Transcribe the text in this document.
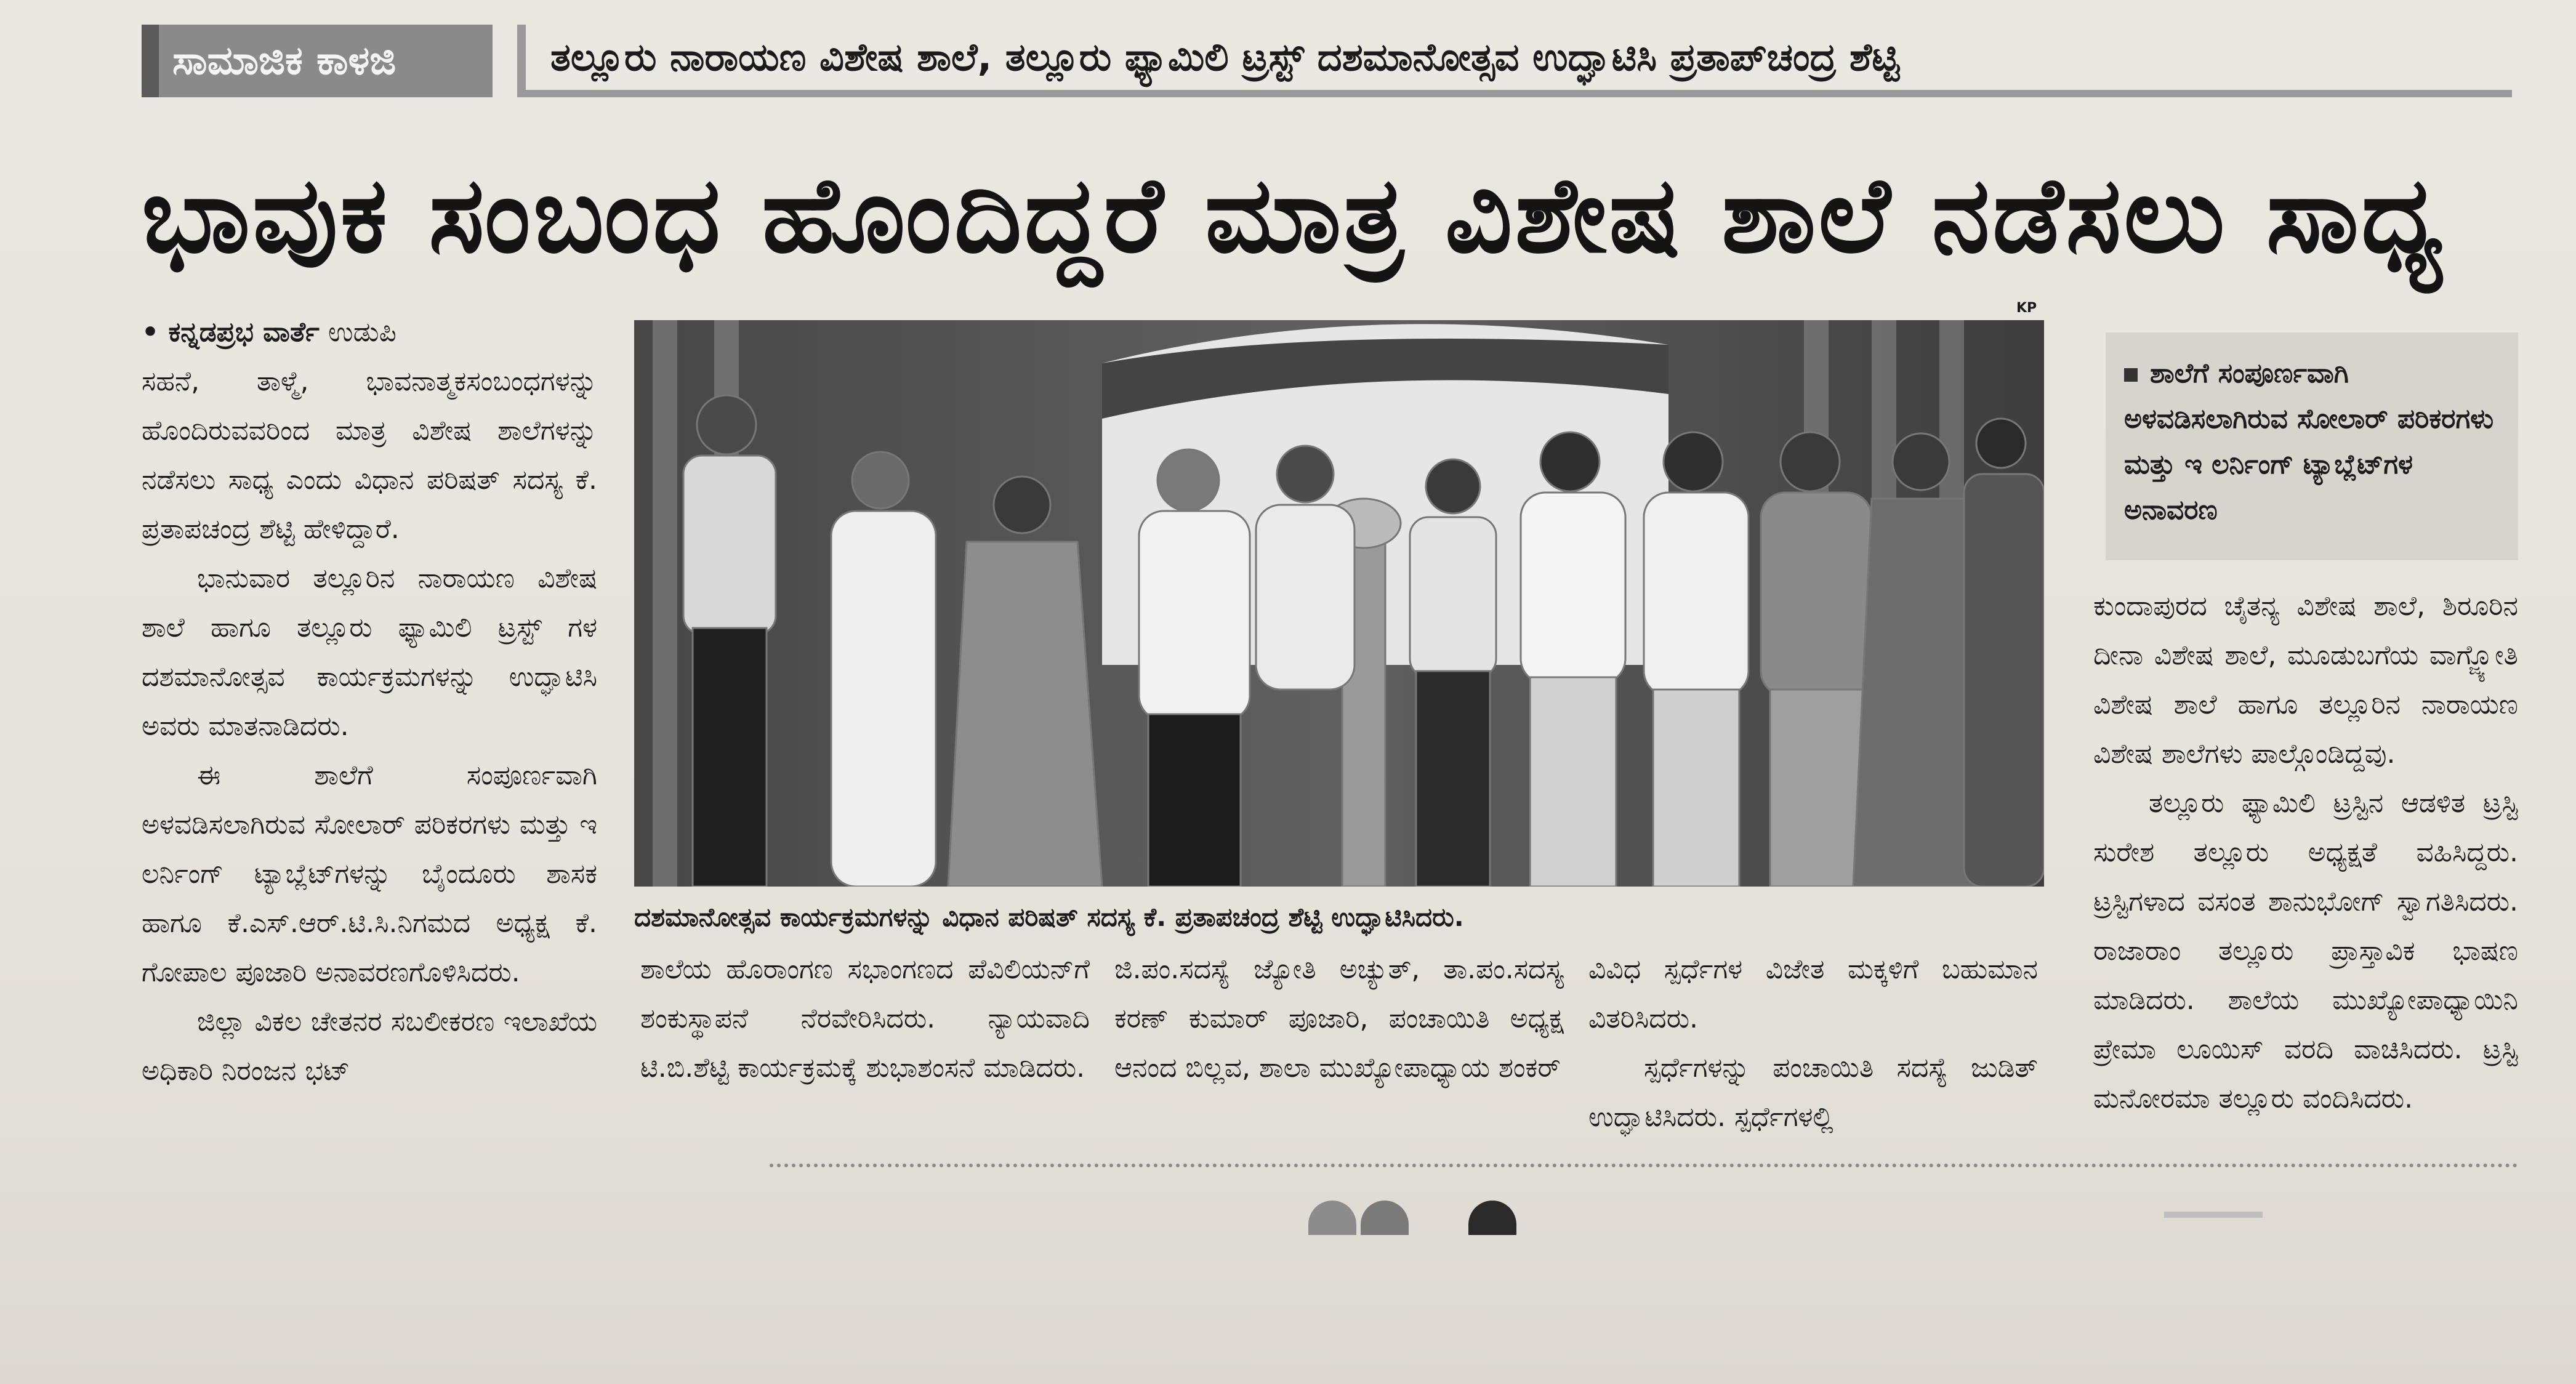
ಸಾಮಾಜಿಕ ಕಾಳಜಿ	ತಲ್ಲೂರು ನಾರಾಯಣ ವಿಶೇಷ ಶಾಲೆ, ತಲ್ಲೂರು ಫ್ಯಾಮಿಲಿ ಟ್ರಸ್ಟ್ ದಶಮಾನೋತ್ಸವ ಉದ್ಘಾಟಿಸಿ ಪ್ರತಾಪ್‌ಚಂದ್ರ ಶೆಟ್ಟಿ
ಭಾವುಕ ಸಂಬಂಧ ಹೊಂದಿದ್ದರೆ ಮಾತ್ರ ವಿಶೇಷ ಶಾಲೆ ನಡೆಸಲು ಸಾಧ್ಯ

• ಕನ್ನಡಪ್ರಭ ವಾರ್ತೆ ಉಡುಪಿ

ಸಹನೆ, ತಾಳ್ಮೆ, ಭಾವನಾತ್ಮಕಸಂಬಂಧಗಳನ್ನು ಹೊಂದಿರುವವರಿಂದ ಮಾತ್ರ ವಿಶೇಷ ಶಾಲೆಗಳನ್ನು ನಡೆಸಲು ಸಾಧ್ಯ ಎಂದು ವಿಧಾನ ಪರಿಷತ್ ಸದಸ್ಯ ಕೆ. ಪ್ರತಾಪಚಂದ್ರ ಶೆಟ್ಟಿ ಹೇಳಿದ್ದಾರೆ.

ಭಾನುವಾರ ತಲ್ಲೂರಿನ ನಾರಾಯಣ ವಿಶೇಷ ಶಾಲೆ ಹಾಗೂ ತಲ್ಲೂರು ಫ್ಯಾಮಿಲಿ ಟ್ರಸ್ಟ್ ಗಳ ದಶಮಾನೋತ್ಸವ ಕಾರ್ಯಕ್ರಮಗಳನ್ನು ಉದ್ಘಾಟಿಸಿ ಅವರು ಮಾತನಾಡಿದರು.

ಈ ಶಾಲೆಗೆ ಸಂಪೂರ್ಣವಾಗಿ ಅಳವಡಿಸಲಾಗಿರುವ ಸೋಲಾರ್ ಪರಿಕರಗಳು ಮತ್ತು ಇ ಲರ್ನಿಂಗ್ ಟ್ಯಾಬ್ಲೆಟ್‌ಗಳನ್ನು ಬೈಂದೂರು ಶಾಸಕ ಹಾಗೂ ಕೆ.ಎಸ್.ಆರ್.ಟಿ.ಸಿ.ನಿಗಮದ ಅಧ್ಯಕ್ಷ ಕೆ. ಗೋಪಾಲ ಪೂಜಾರಿ ಅನಾವರಣಗೊಳಿಸಿದರು.

ಜಿಲ್ಲಾ ವಿಕಲ ಚೇತನರ ಸಬಲೀಕರಣ ಇಲಾಖೆಯ ಅಧಿಕಾರಿ ನಿರಂಜನ ಭಟ್

KP
ದಶಮಾನೋತ್ಸವ ಕಾರ್ಯಕ್ರಮಗಳನ್ನು ವಿಧಾನ ಪರಿಷತ್ ಸದಸ್ಯ ಕೆ. ಪ್ರತಾಪಚಂದ್ರ ಶೆಟ್ಟಿ ಉದ್ಘಾಟಿಸಿದರು.

ಶಾಲೆಯ ಹೊರಾಂಗಣ ಸಭಾಂಗಣದ ಪೆವಿಲಿಯನ್‌ಗೆ ಶಂಕುಸ್ಥಾಪನೆ ನೆರವೇರಿಸಿದರು. ನ್ಯಾಯವಾದಿ ಟಿ.ಬಿ.ಶೆಟ್ಟಿ ಕಾರ್ಯಕ್ರಮಕ್ಕೆ ಶುಭಾಶಂಸನೆ ಮಾಡಿದರು.

ಜಿ.ಪಂ.ಸದಸ್ಯೆ ಜ್ಯೋತಿ ಅಚ್ಯುತ್, ತಾ.ಪಂ.ಸದಸ್ಯ ಕರಣ್ ಕುಮಾರ್ ಪೂಜಾರಿ, ಪಂಚಾಯಿತಿ ಅಧ್ಯಕ್ಷ ಆನಂದ ಬಿಲ್ಲವ, ಶಾಲಾ ಮುಖ್ಯೋಪಾಧ್ಯಾಯ ಶಂಕರ್

ವಿವಿಧ ಸ್ಪರ್ಧೆಗಳ ವಿಜೇತ ಮಕ್ಕಳಿಗೆ ಬಹುಮಾನ ವಿತರಿಸಿದರು.

ಸ್ಪರ್ಧೆಗಳನ್ನು ಪಂಚಾಯಿತಿ ಸದಸ್ಯೆ ಜುಡಿತ್ ಉದ್ಘಾಟಿಸಿದರು. ಸ್ಪರ್ಧೆಗಳಲ್ಲಿ

ಶಾಲೆಗೆ ಸಂಪೂರ್ಣವಾಗಿ ಅಳವಡಿಸಲಾಗಿರುವ ಸೋಲಾರ್ ಪರಿಕರಗಳು ಮತ್ತು ಇ ಲರ್ನಿಂಗ್ ಟ್ಯಾಬ್ಲೆಟ್‌ಗಳ ಅನಾವರಣ

ಕುಂದಾಪುರದ ಚೈತನ್ಯ ವಿಶೇಷ ಶಾಲೆ, ಶಿರೂರಿನ ದೀನಾ ವಿಶೇಷ ಶಾಲೆ, ಮೂಡುಬಗೆಯ ವಾಗ್ಜ್ಯೋತಿ ವಿಶೇಷ ಶಾಲೆ ಹಾಗೂ ತಲ್ಲೂರಿನ ನಾರಾಯಣ ವಿಶೇಷ ಶಾಲೆಗಳು ಪಾಲ್ಗೊಂಡಿದ್ದವು.

ತಲ್ಲೂರು ಫ್ಯಾಮಿಲಿ ಟ್ರಸ್ಟಿನ ಆಡಳಿತ ಟ್ರಸ್ಟಿ ಸುರೇಶ ತಲ್ಲೂರು ಅಧ್ಯಕ್ಷತೆ ವಹಿಸಿದ್ದರು. ಟ್ರಸ್ಟಿಗಳಾದ ವಸಂತ ಶಾನುಭೋಗ್ ಸ್ವಾಗತಿಸಿದರು. ರಾಜಾರಾಂ ತಲ್ಲೂರು ಪ್ರಾಸ್ತಾವಿಕ ಭಾಷಣ ಮಾಡಿದರು. ಶಾಲೆಯ ಮುಖ್ಯೋಪಾಧ್ಯಾಯಿನಿ ಪ್ರೇಮಾ ಲೂಯಿಸ್ ವರದಿ ವಾಚಿಸಿದರು. ಟ್ರಸ್ಟಿ ಮನೋರಮಾ ತಲ್ಲೂರು ವಂದಿಸಿದರು.
